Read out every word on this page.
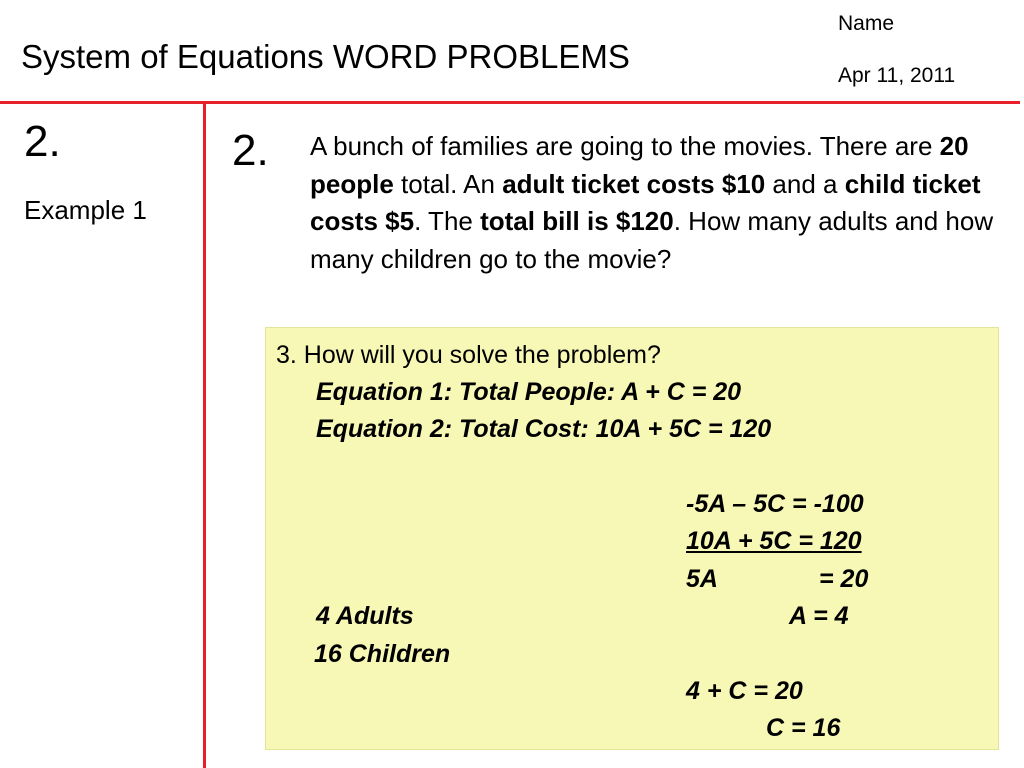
System of Equations WORD PROBLEMS
Name
Apr 11, 2011
2.
Example 1
2. A bunch of families are going to the movies. There are 20 people total. An adult ticket costs $10 and a child ticket costs $5. The total bill is $120. How many adults and how many children go to the movie?
3. How will you solve the problem?
Equation 1: Total People: A + C = 20
Equation 2: Total Cost: 10A + 5C = 120
-5A – 5C = -100
10A + 5C = 120
5A	= 20
4 Adults	A = 4
16 Children
4 + C = 20
C = 16
